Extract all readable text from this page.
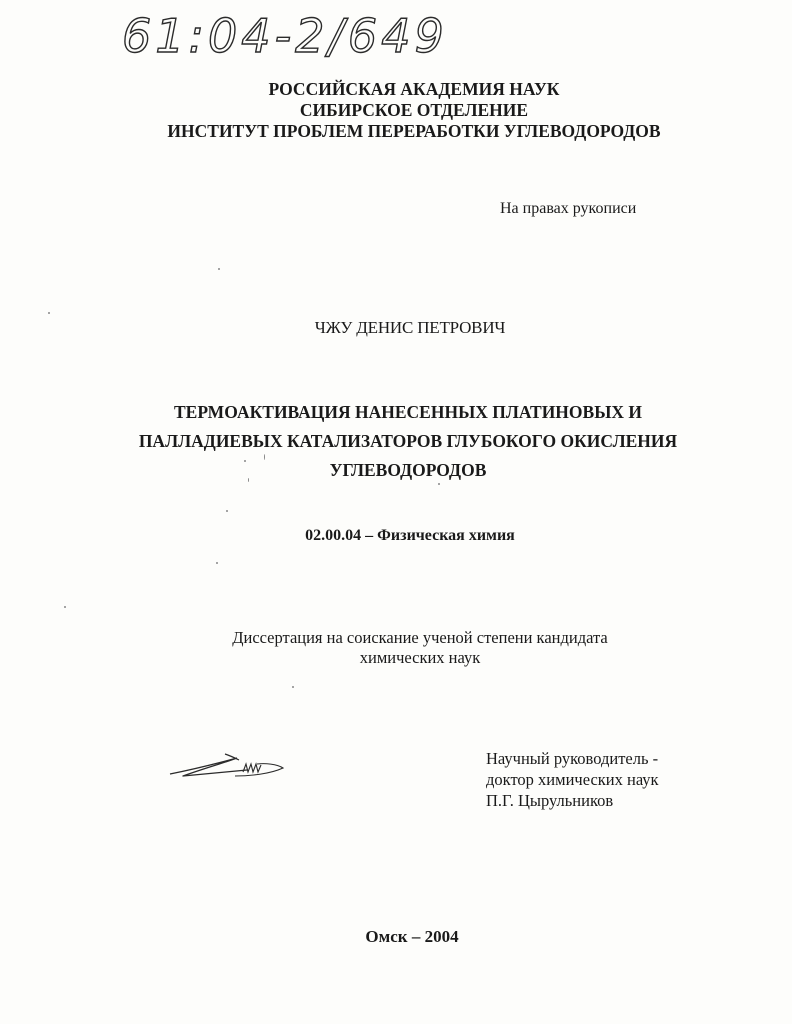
61:04-2/649
РОССИЙСКАЯ АКАДЕМИЯ НАУК
СИБИРСКОЕ ОТДЕЛЕНИЕ
ИНСТИТУТ ПРОБЛЕМ ПЕРЕРАБОТКИ УГЛЕВОДОРОДОВ
На правах рукописи
ЧЖУ ДЕНИС ПЕТРОВИЧ
ТЕРМОАКТИВАЦИЯ НАНЕСЕННЫХ ПЛАТИНОВЫХ И
ПАЛЛАДИЕВЫХ КАТАЛИЗАТОРОВ ГЛУБОКОГО ОКИСЛЕНИЯ
УГЛЕВОДОРОДОВ
02.00.04 – Физическая химия
Диссертация на соискание ученой степени кандидата
химических наук
Научный руководитель -
доктор химических наук
П.Г. Цырульников
Омск – 2004
